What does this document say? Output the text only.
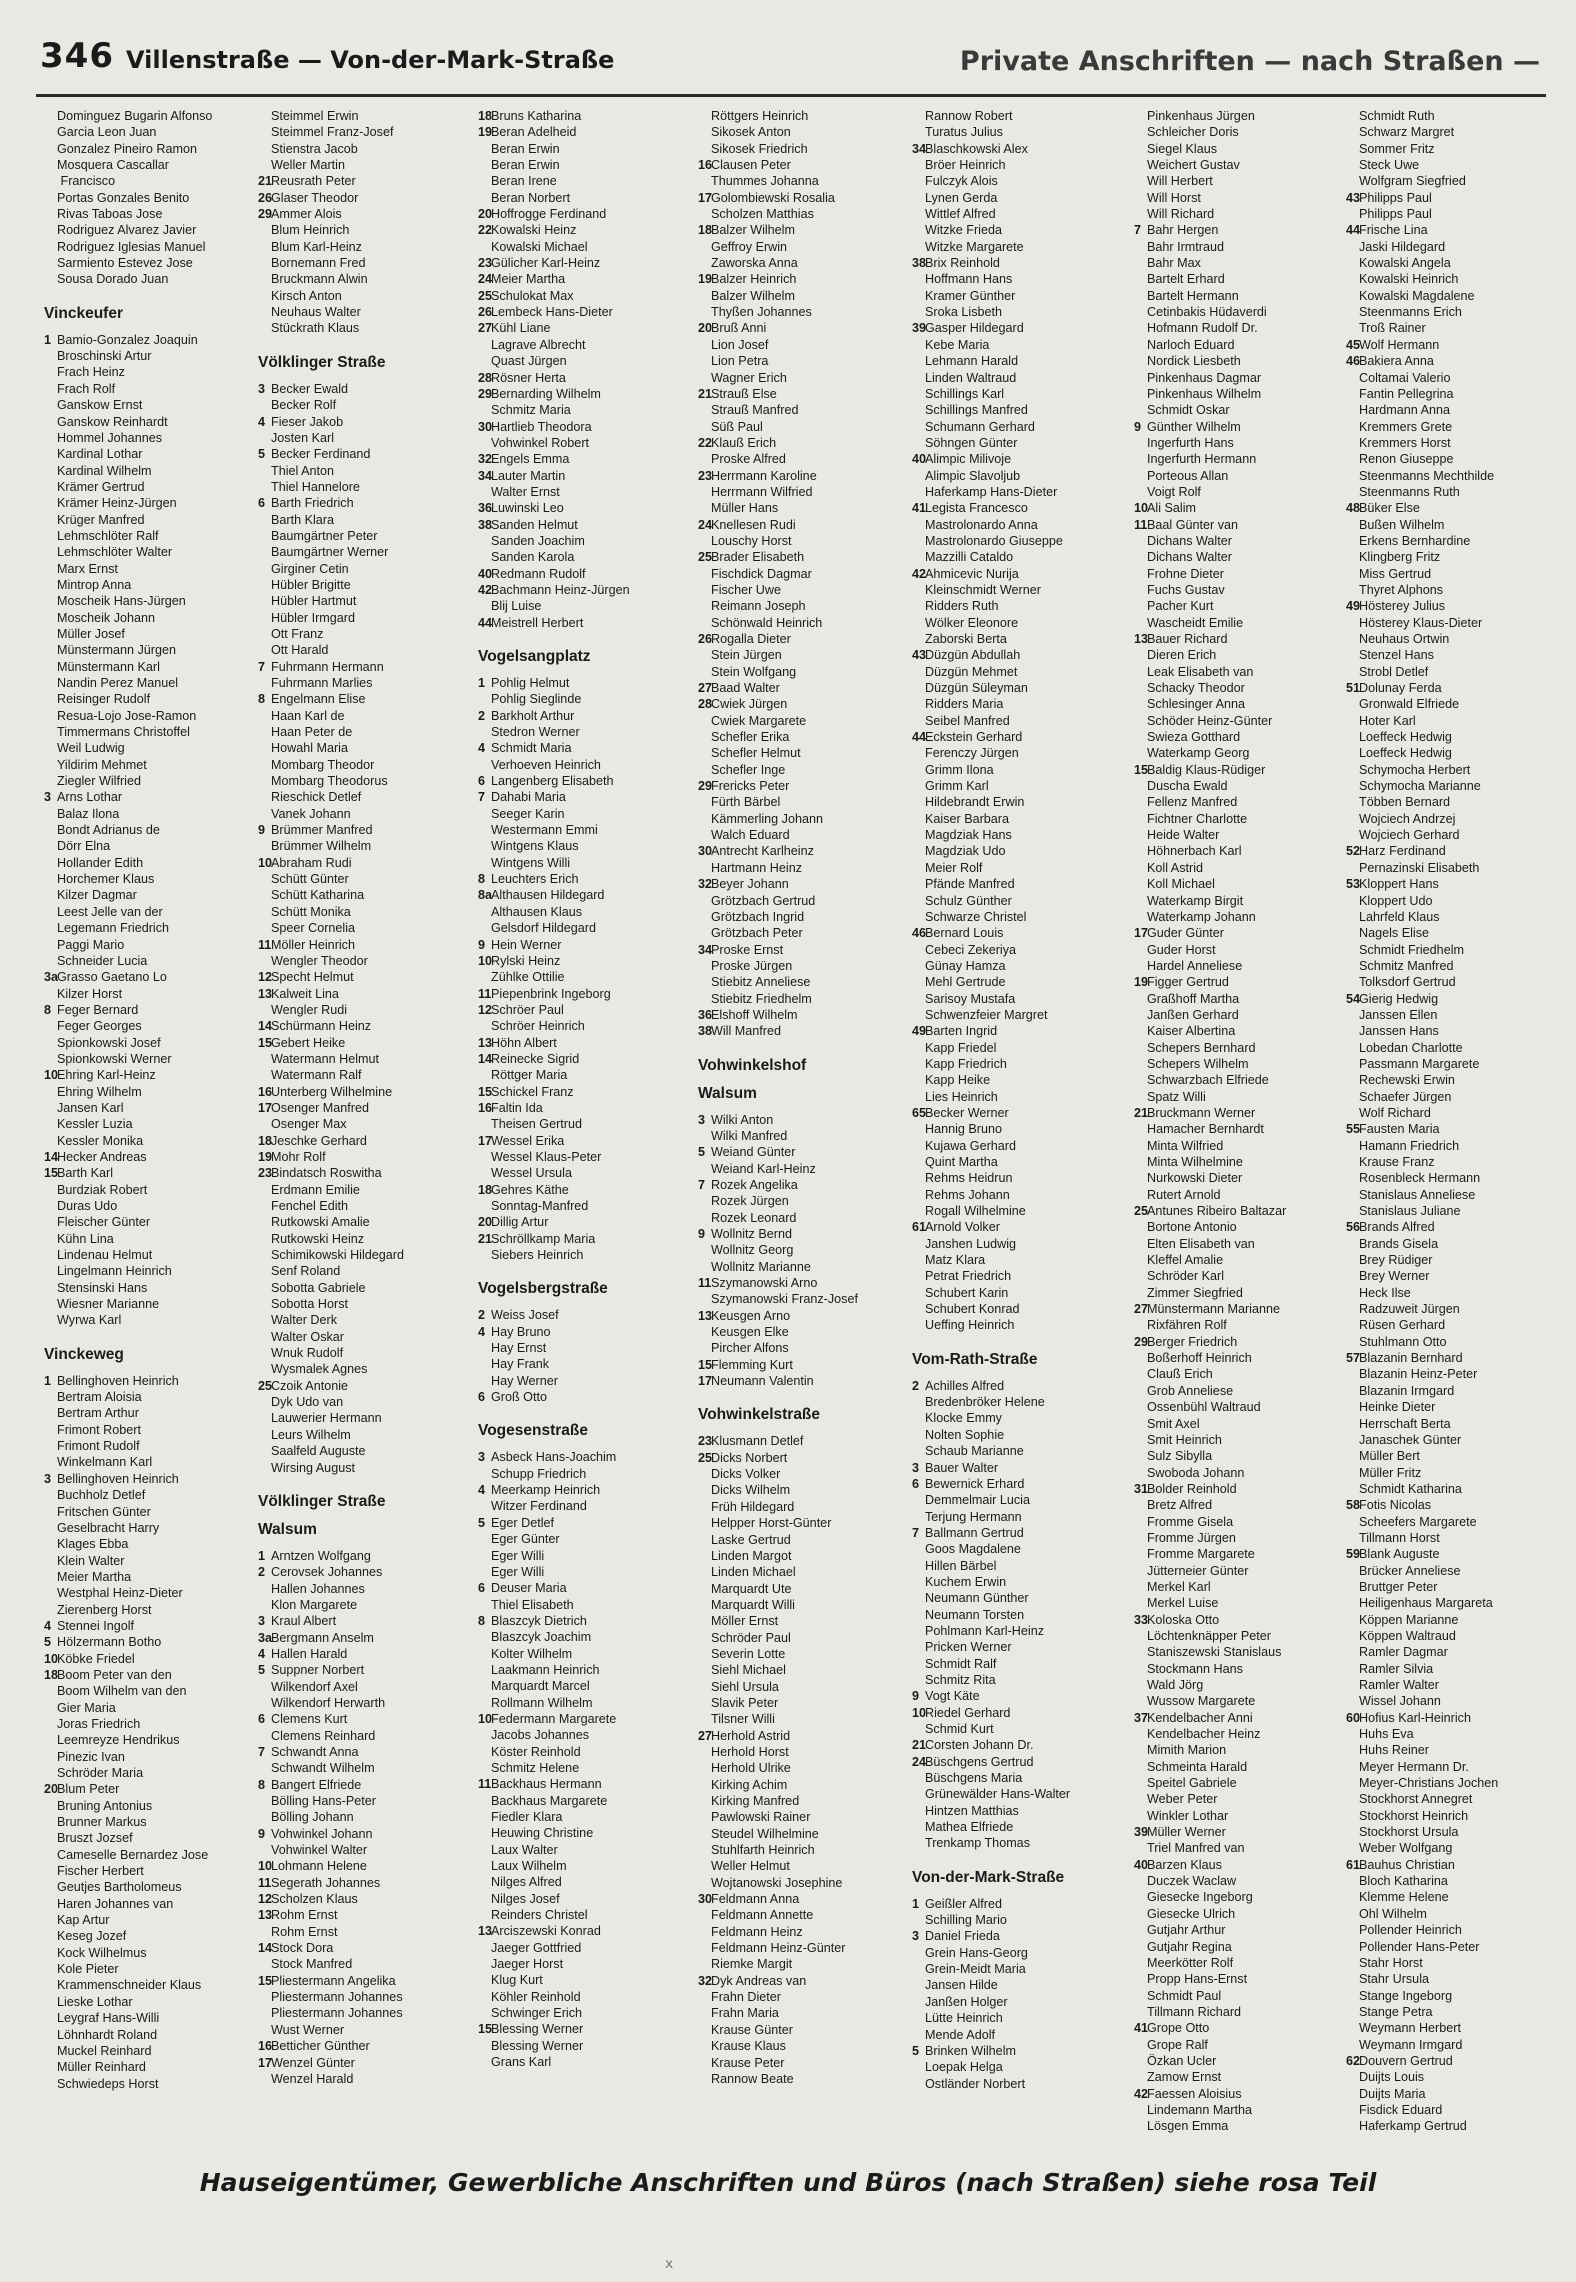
346 Villenstraße — Von-der-Mark-Straße	Private Anschriften — nach Straßen —
Dominguez Bugarin Alfonso
Garcia Leon Juan
Gonzalez Pineiro Ramon
Mosquera Cascallar
Francisco
Portas Gonzales Benito
Rivas Taboas Jose
Rodriguez Alvarez Javier
Rodriguez Iglesias Manuel
Sarmiento Estevez Jose
Sousa Dorado Juan
Vinckeufer
1 Bamio-Gonzalez Joaquin
Broschinski Artur
Frach Heinz
Frach Rolf
Ganskow Ernst
Ganskow Reinhardt
Hommel Johannes
Kardinal Lothar
Kardinal Wilhelm
Krämer Gertrud
Krämer Heinz-Jürgen
Krüger Manfred
Lehmschlöter Ralf
Lehmschlöter Walter
Marx Ernst
Mintrop Anna
Moscheik Hans-Jürgen
Moscheik Johann
Müller Josef
Münstermann Jürgen
Münstermann Karl
Nandin Perez Manuel
Reisinger Rudolf
Resua-Lojo Jose-Ramon
Timmermans Christoffel
Weil Ludwig
Yildirim Mehmet
Ziegler Wilfried
3 Arns Lothar
Balaz Ilona
Bondt Adrianus de
Dörr Elna
Hollander Edith
Horchemer Klaus
Kilzer Dagmar
Leest Jelle van der
Legemann Friedrich
Paggi Mario
Schneider Lucia
3aGrasso Gaetano Lo
Kilzer Horst
8 Feger Bernard
Feger Georges
Spionkowski Josef
Spionkowski Werner
10Ehring Karl-Heinz
Ehring Wilhelm
Jansen Karl
Kessler Luzia
Kessler Monika
14Hecker Andreas
15Barth Karl
Burdziak Robert
Duras Udo
Fleischer Günter
Kühn Lina
Lindenau Helmut
Lingelmann Heinrich
Stensinski Hans
Wiesner Marianne
Wyrwa Karl
Vinckeweg
1 Bellinghoven Heinrich
Bertram Aloisia
Bertram Arthur
Frimont Robert
Frimont Rudolf
Winkelmann Karl
3 Bellinghoven Heinrich
Buchholz Detlef
Fritschen Günter
Geselbracht Harry
Klages Ebba
Klein Walter
Meier Martha
Westphal Heinz-Dieter
Zierenberg Horst
4 Stennei Ingolf
5 Hölzermann Botho
10Köbke Friedel
18Boom Peter van den
Boom Wilhelm van den
Gier Maria
Joras Friedrich
Leemreyze Hendrikus
Pinezic Ivan
Schröder Maria
20Blum Peter
Bruning Antonius
Brunner Markus
Bruszt Jozsef
Cameselle Bernardez Jose
Fischer Herbert
Geutjes Bartholomeus
Haren Johannes van
Kap Artur
Keseg Jozef
Kock Wilhelmus
Kole Pieter
Krammenschneider Klaus
Lieske Lothar
Leygraf Hans-Willi
Löhnhardt Roland
Muckel Reinhard
Müller Reinhard
Schwiedeps Horst
Steimmel Erwin
Steimmel Franz-Josef
Stienstra Jacob
Weller Martin
21Reusrath Peter
26Glaser Theodor
29Ammer Alois
Blum Heinrich
Blum Karl-Heinz
Bornemann Fred
Bruckmann Alwin
Kirsch Anton
Neuhaus Walter
Stückrath Klaus
Völklinger Straße
3 Becker Ewald
Becker Rolf
4 Fieser Jakob
Josten Karl
5 Becker Ferdinand
Thiel Anton
Thiel Hannelore
6 Barth Friedrich
Barth Klara
Baumgärtner Peter
Baumgärtner Werner
Girginer Cetin
Hübler Brigitte
Hübler Hartmut
Hübler Irmgard
Ott Franz
Ott Harald
7 Fuhrmann Hermann
Fuhrmann Marlies
8 Engelmann Elise
Haan Karl de
Haan Peter de
Howahl Maria
Mombarg Theodor
Mombarg Theodorus
Rieschick Detlef
Vanek Johann
9 Brümmer Manfred
Brümmer Wilhelm
10Abraham Rudi
Schütt Günter
Schütt Katharina
Schütt Monika
Speer Cornelia
11Möller Heinrich
Wengler Theodor
12Specht Helmut
13Kalweit Lina
Wengler Rudi
14Schürmann Heinz
15Gebert Heike
Watermann Helmut
Watermann Ralf
16Unterberg Wilhelmine
17Osenger Manfred
Osenger Max
18Jeschke Gerhard
19Mohr Rolf
23Bindatsch Roswitha
Erdmann Emilie
Fenchel Edith
Rutkowski Amalie
Rutkowski Heinz
Schimikowski Hildegard
Senf Roland
Sobotta Gabriele
Sobotta Horst
Walter Derk
Walter Oskar
Wnuk Rudolf
Wysmalek Agnes
25Czoik Antonie
Dyk Udo van
Lauwerier Hermann
Leurs Wilhelm
Saalfeld Auguste
Wirsing August
Völklinger Straße
Walsum
1 Arntzen Wolfgang
2 Cerovsek Johannes
Hallen Johannes
Klon Margarete
3 Kraul Albert
3aBergmann Anselm
4 Hallen Harald
5 Suppner Norbert
Wilkendorf Axel
Wilkendorf Herwarth
6 Clemens Kurt
Clemens Reinhard
7 Schwandt Anna
Schwandt Wilhelm
8 Bangert Elfriede
Bölling Hans-Peter
Bölling Johann
9 Vohwinkel Johann
Vohwinkel Walter
10Lohmann Helene
11Segerath Johannes
12Scholzen Klaus
13Rohm Ernst
Rohm Ernst
14Stock Dora
Stock Manfred
15Pliestermann Angelika
Pliestermann Johannes
Pliestermann Johannes
Wust Werner
16Betticher Günther
17Wenzel Günter
Wenzel Harald
18Bruns Katharina
19Beran Adelheid
Beran Erwin
Beran Erwin
Beran Irene
Beran Norbert
20Hoffrogge Ferdinand
22Kowalski Heinz
Kowalski Michael
23Gülicher Karl-Heinz
24Meier Martha
25Schulokat Max
26Lembeck Hans-Dieter
27Kühl Liane
Lagrave Albrecht
Quast Jürgen
28Rösner Herta
29Bernarding Wilhelm
Schmitz Maria
30Hartlieb Theodora
Vohwinkel Robert
32Engels Emma
34Lauter Martin
Walter Ernst
36Luwinski Leo
38Sanden Helmut
Sanden Joachim
Sanden Karola
40Redmann Rudolf
42Bachmann Heinz-Jürgen
Blij Luise
44Meistrell Herbert
Vogelsangplatz
1 Pohlig Helmut
Pohlig Sieglinde
2 Barkholt Arthur
Stedron Werner
4 Schmidt Maria
Verhoeven Heinrich
6 Langenberg Elisabeth
7 Dahabi Maria
Seeger Karin
Westermann Emmi
Wintgens Klaus
Wintgens Willi
8 Leuchters Erich
8aAlthausen Hildegard
Althausen Klaus
Gelsdorf Hildegard
9 Hein Werner
10Rylski Heinz
Zühlke Ottilie
11Piepenbrink Ingeborg
12Schröer Paul
Schröer Heinrich
13Höhn Albert
14Reinecke Sigrid
Röttger Maria
15Schickel Franz
16Faltin Ida
Theisen Gertrud
17Wessel Erika
Wessel Klaus-Peter
Wessel Ursula
18Gehres Käthe
Sonntag-Manfred
20Dillig Artur
21Schröllkamp Maria
Siebers Heinrich
Vogelsbergstraße
2 Weiss Josef
4 Hay Bruno
Hay Ernst
Hay Frank
Hay Werner
6 Groß Otto
Vogesenstraße
3 Asbeck Hans-Joachim
Schupp Friedrich
4 Meerkamp Heinrich
Witzer Ferdinand
5 Eger Detlef
Eger Günter
Eger Willi
Eger Willi
6 Deuser Maria
Thiel Elisabeth
8 Blaszcyk Dietrich
Blaszcyk Joachim
Kolter Wilhelm
Laakmann Heinrich
Marquardt Marcel
Rollmann Wilhelm
10Federmann Margarete
Jacobs Johannes
Köster Reinhold
Schmitz Helene
11Backhaus Hermann
Backhaus Margarete
Fiedler Klara
Heuwing Christine
Laux Walter
Laux Wilhelm
Nilges Alfred
Nilges Josef
Reinders Christel
13Arciszewski Konrad
Jaeger Gottfried
Jaeger Horst
Klug Kurt
Köhler Reinhold
Schwinger Erich
15Blessing Werner
Blessing Werner
Grans Karl
Röttgers Heinrich
Sikosek Anton
Sikosek Friedrich
16Clausen Peter
Thummes Johanna
17Golombiewski Rosalia
Scholzen Matthias
18Balzer Wilhelm
Geffroy Erwin
Zaworska Anna
19Balzer Heinrich
Balzer Wilhelm
Thyßen Johannes
20Bruß Anni
Lion Josef
Lion Petra
Wagner Erich
21Strauß Else
Strauß Manfred
Süß Paul
22Klauß Erich
Proske Alfred
23Herrmann Karoline
Herrmann Wilfried
Müller Hans
24Knellesen Rudi
Louschy Horst
25Brader Elisabeth
Fischdick Dagmar
Fischer Uwe
Reimann Joseph
Schönwald Heinrich
26Rogalla Dieter
Stein Jürgen
Stein Wolfgang
27Baad Walter
28Cwiek Jürgen
Cwiek Margarete
Schefler Erika
Schefler Helmut
Schefler Inge
29Frericks Peter
Fürth Bärbel
Kämmerling Johann
Walch Eduard
30Antrecht Karlheinz
Hartmann Heinz
32Beyer Johann
Grötzbach Gertrud
Grötzbach Ingrid
Grötzbach Peter
34Proske Ernst
Proske Jürgen
Stiebitz Anneliese
Stiebitz Friedhelm
36Elshoff Wilhelm
38Will Manfred
Vohwinkelshof
Walsum
3 Wilki Anton
Wilki Manfred
5 Weiand Günter
Weiand Karl-Heinz
7 Rozek Angelika
Rozek Jürgen
Rozek Leonard
9 Wollnitz Bernd
Wollnitz Georg
Wollnitz Marianne
11Szymanowski Arno
Szymanowski Franz-Josef
13Keusgen Arno
Keusgen Elke
Pircher Alfons
15Flemming Kurt
17Neumann Valentin
Vohwinkelstraße
23Klusmann Detlef
25Dicks Norbert
Dicks Volker
Dicks Wilhelm
Früh Hildegard
Helpper Horst-Günter
Laske Gertrud
Linden Margot
Linden Michael
Marquardt Ute
Marquardt Willi
Möller Ernst
Schröder Paul
Severin Lotte
Siehl Michael
Siehl Ursula
Slavik Peter
Tilsner Willi
27Herhold Astrid
Herhold Horst
Herhold Ulrike
Kirking Achim
Kirking Manfred
Pawlowski Rainer
Steudel Wilhelmine
Stuhlfarth Heinrich
Weller Helmut
Wojtanowski Josephine
30Feldmann Anna
Feldmann Annette
Feldmann Heinz
Feldmann Heinz-Günter
Riemke Margit
32Dyk Andreas van
Frahn Dieter
Frahn Maria
Krause Günter
Krause Klaus
Krause Peter
Rannow Beate
Rannow Robert
Turatus Julius
34Blaschkowski Alex
Bröer Heinrich
Fulczyk Alois
Lynen Gerda
Wittlef Alfred
Witzke Frieda
Witzke Margarete
38Brix Reinhold
Hoffmann Hans
Kramer Günther
Sroka Lisbeth
39Gasper Hildegard
Kebe Maria
Lehmann Harald
Linden Waltraud
Schillings Karl
Schillings Manfred
Schumann Gerhard
Söhngen Günter
40Alimpic Milivoje
Alimpic Slavoljub
Haferkamp Hans-Dieter
41Legista Francesco
Mastrolonardo Anna
Mastrolonardo Giuseppe
Mazzilli Cataldo
42Ahmicevic Nurija
Kleinschmidt Werner
Ridders Ruth
Wölker Eleonore
Zaborski Berta
43Düzgün Abdullah
Düzgün Mehmet
Düzgün Süleyman
Ridders Maria
Seibel Manfred
44Eckstein Gerhard
Ferenczy Jürgen
Grimm Ilona
Grimm Karl
Hildebrandt Erwin
Kaiser Barbara
Magdziak Hans
Magdziak Udo
Meier Rolf
Pfände Manfred
Schulz Günther
Schwarze Christel
46Bernard Louis
Cebeci Zekeriya
Günay Hamza
Mehl Gertrude
Sarisoy Mustafa
Schwenzfeier Margret
49Barten Ingrid
Kapp Friedel
Kapp Friedrich
Kapp Heike
Lies Heinrich
65Becker Werner
Hannig Bruno
Kujawa Gerhard
Quint Martha
Rehms Heidrun
Rehms Johann
Rogall Wilhelmine
61Arnold Volker
Janshen Ludwig
Matz Klara
Petrat Friedrich
Schubert Karin
Schubert Konrad
Ueffing Heinrich
Vom-Rath-Straße
2 Achilles Alfred
Bredenbröker Helene
Klocke Emmy
Nolten Sophie
Schaub Marianne
3 Bauer Walter
6 Bewernick Erhard
Demmelmair Lucia
Terjung Hermann
7 Ballmann Gertrud
Goos Magdalene
Hillen Bärbel
Kuchem Erwin
Neumann Günther
Neumann Torsten
Pohlmann Karl-Heinz
Pricken Werner
Schmidt Ralf
Schmitz Rita
9 Vogt Käte
10Riedel Gerhard
Schmid Kurt
21Corsten Johann Dr.
24Büschgens Gertrud
Büschgens Maria
Grünewälder Hans-Walter
Hintzen Matthias
Mathea Elfriede
Trenkamp Thomas
Von-der-Mark-Straße
1 Geißler Alfred
Schilling Mario
3 Daniel Frieda
Grein Hans-Georg
Grein-Meidt Maria
Jansen Hilde
Janßen Holger
Lütte Heinrich
Mende Adolf
5 Brinken Wilhelm
Loepak Helga
Ostländer Norbert
Pinkenhaus Jürgen
Schleicher Doris
Siegel Klaus
Weichert Gustav
Will Herbert
Will Horst
Will Richard
7 Bahr Hergen
Bahr Irmtraud
Bahr Max
Bartelt Erhard
Bartelt Hermann
Cetinbakis Hüdaverdi
Hofmann Rudolf Dr.
Narloch Eduard
Nordick Liesbeth
Pinkenhaus Dagmar
Pinkenhaus Wilhelm
Schmidt Oskar
9 Günther Wilhelm
Ingerfurth Hans
Ingerfurth Hermann
Porteous Allan
Voigt Rolf
10Ali Salim
11Baal Günter van
Dichans Walter
Dichans Walter
Frohne Dieter
Fuchs Gustav
Pacher Kurt
Wascheidt Emilie
13Bauer Richard
Dieren Erich
Leak Elisabeth van
Schacky Theodor
Schlesinger Anna
Schöder Heinz-Günter
Swieza Gotthard
Waterkamp Georg
15Baldig Klaus-Rüdiger
Duscha Ewald
Fellenz Manfred
Fichtner Charlotte
Heide Walter
Höhnerbach Karl
Koll Astrid
Koll Michael
Waterkamp Birgit
Waterkamp Johann
17Guder Günter
Guder Horst
Hardel Anneliese
19Figger Gertrud
Graßhoff Martha
Janßen Gerhard
Kaiser Albertina
Schepers Bernhard
Schepers Wilhelm
Schwarzbach Elfriede
Spatz Willi
21Bruckmann Werner
Hamacher Bernhardt
Minta Wilfried
Minta Wilhelmine
Nurkowski Dieter
Rutert Arnold
25Antunes Ribeiro Baltazar
Bortone Antonio
Elten Elisabeth van
Kleffel Amalie
Schröder Karl
Zimmer Siegfried
27Münstermann Marianne
Rixfähren Rolf
29Berger Friedrich
Boßerhoff Heinrich
Clauß Erich
Grob Anneliese
Ossenbühl Waltraud
Smit Axel
Smit Heinrich
Sulz Sibylla
Swoboda Johann
31Bolder Reinhold
Bretz Alfred
Fromme Gisela
Fromme Jürgen
Fromme Margarete
Jütterneier Günter
Merkel Karl
Merkel Luise
33Koloska Otto
Löchtenknäpper Peter
Staniszewski Stanislaus
Stockmann Hans
Wald Jörg
Wussow Margarete
37Kendelbacher Anni
Kendelbacher Heinz
Mimith Marion
Schmeinta Harald
Speitel Gabriele
Weber Peter
Winkler Lothar
39Müller Werner
Triel Manfred van
40Barzen Klaus
Duczek Waclaw
Giesecke Ingeborg
Giesecke Ulrich
Gutjahr Arthur
Gutjahr Regina
Meerkötter Rolf
Propp Hans-Ernst
Schmidt Paul
Tillmann Richard
41Grope Otto
Grope Ralf
Özkan Ucler
Zamow Ernst
42Faessen Aloisius
Lindemann Martha
Lösgen Emma
Schmidt Ruth
Schwarz Margret
Sommer Fritz
Steck Uwe
Wolfgram Siegfried
43Philipps Paul
Philipps Paul
44Frische Lina
Jaski Hildegard
Kowalski Angela
Kowalski Heinrich
Kowalski Magdalene
Steenmanns Erich
Troß Rainer
45Wolf Hermann
46Bakiera Anna
Coltamai Valerio
Fantin Pellegrina
Hardmann Anna
Kremmers Grete
Kremmers Horst
Renon Giuseppe
Steenmanns Mechthilde
Steenmanns Ruth
48Büker Else
Bußen Wilhelm
Erkens Bernhardine
Klingberg Fritz
Miss Gertrud
Thyret Alphons
49Hösterey Julius
Hösterey Klaus-Dieter
Neuhaus Ortwin
Stenzel Hans
Strobl Detlef
51Dolunay Ferda
Gronwald Elfriede
Hoter Karl
Loeffeck Hedwig
Loeffeck Hedwig
Schymocha Herbert
Schymocha Marianne
Többen Bernard
Wojciech Andrzej
Wojciech Gerhard
52Harz Ferdinand
Pernazinski Elisabeth
53Kloppert Hans
Kloppert Udo
Lahrfeld Klaus
Nagels Elise
Schmidt Friedhelm
Schmitz Manfred
Tolksdorf Gertrud
54Gierig Hedwig
Janssen Ellen
Janssen Hans
Lobedan Charlotte
Passmann Margarete
Rechewski Erwin
Schaefer Jürgen
Wolf Richard
55Fausten Maria
Hamann Friedrich
Krause Franz
Rosenbleck Hermann
Stanislaus Anneliese
Stanislaus Juliane
56Brands Alfred
Brands Gisela
Brey Rüdiger
Brey Werner
Heck Ilse
Radzuweit Jürgen
Rüsen Gerhard
Stuhlmann Otto
57Blazanin Bernhard
Blazanin Heinz-Peter
Blazanin Irmgard
Heinke Dieter
Herrschaft Berta
Janaschek Günter
Müller Bert
Müller Fritz
Schmidt Katharina
58Fotis Nicolas
Scheefers Margarete
Tillmann Horst
59Blank Auguste
Brücker Anneliese
Bruttger Peter
Heiligenhaus Margareta
Köppen Marianne
Köppen Waltraud
Ramler Dagmar
Ramler Silvia
Ramler Walter
Wissel Johann
60Hofius Karl-Heinrich
Huhs Eva
Huhs Reiner
Meyer Hermann Dr.
Meyer-Christians Jochen
Stockhorst Annegret
Stockhorst Heinrich
Stockhorst Ursula
Weber Wolfgang
61Bauhus Christian
Bloch Katharina
Klemme Helene
Ohl Wilhelm
Pollender Heinrich
Pollender Hans-Peter
Stahr Horst
Stahr Ursula
Stange Ingeborg
Stange Petra
Weymann Herbert
Weymann Irmgard
62Douvern Gertrud
Duijts Louis
Duijts Maria
Fisdick Eduard
Haferkamp Gertrud
Hauseigentümer, Gewerbliche Anschriften und Büros (nach Straßen) siehe rosa Teil
ⅹ
